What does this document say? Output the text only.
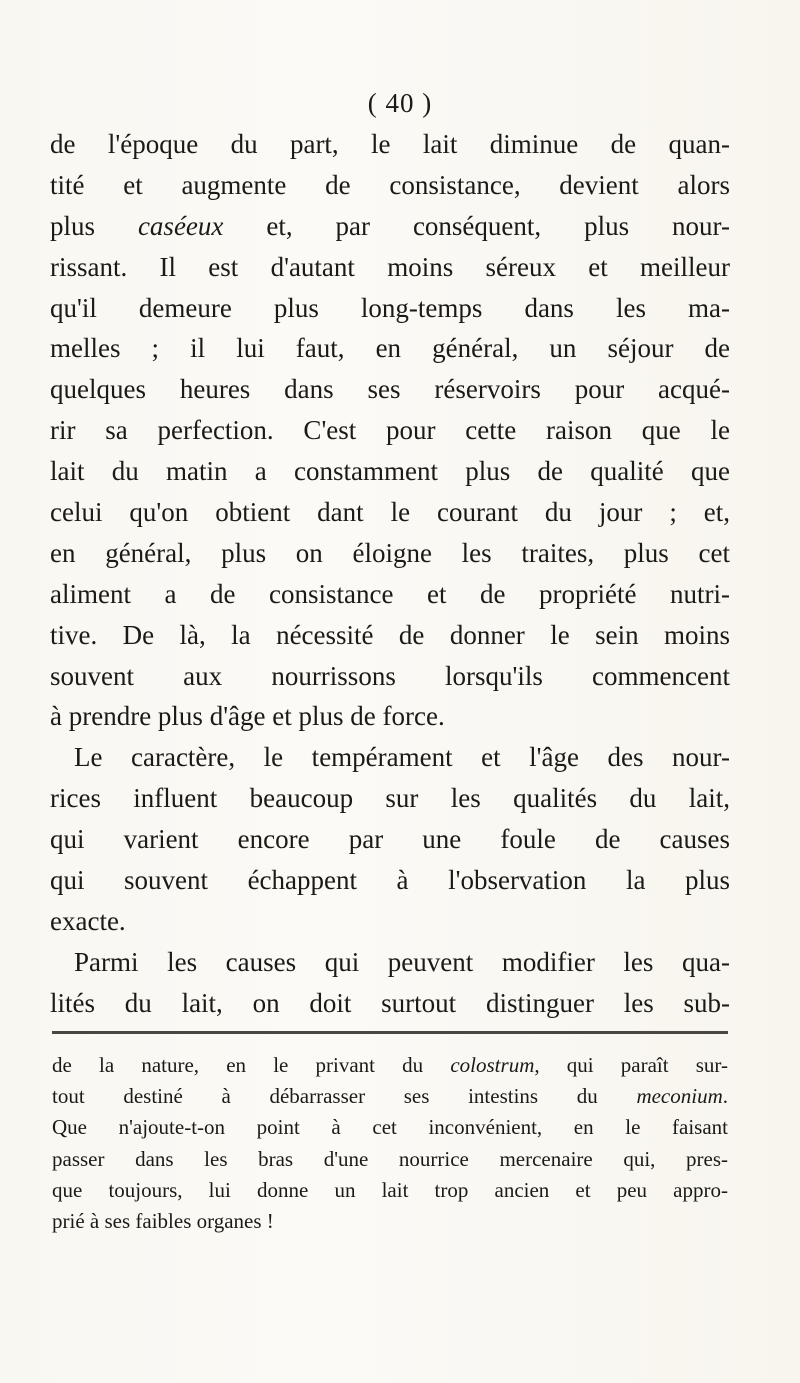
( 40 )
de l'époque du part, le lait diminue de quan-
tité et augmente de consistance, devient alors
plus caséeux et, par conséquent, plus nour-
rissant. Il est d'autant moins séreux et meilleur
qu'il demeure plus long-temps dans les ma-
melles ; il lui faut, en général, un séjour de
quelques heures dans ses réservoirs pour acqué-
rir sa perfection. C'est pour cette raison que le
lait du matin a constamment plus de qualité que
celui qu'on obtient dant le courant du jour ; et,
en général, plus on éloigne les traites, plus cet
aliment a de consistance et de propriété nutri-
tive. De là, la nécessité de donner le sein moins
souvent aux nourrissons lorsqu'ils commencent
à prendre plus d'âge et plus de force.
Le caractère, le tempérament et l'âge des nour-
rices influent beaucoup sur les qualités du lait,
qui varient encore par une foule de causes
qui souvent échappent à l'observation la plus
exacte.
Parmi les causes qui peuvent modifier les qua-
lités du lait, on doit surtout distinguer les sub-
de la nature, en le privant du colostrum, qui paraît sur-
tout destiné à débarrasser ses intestins du meconium.
Que n'ajoute-t-on point à cet inconvénient, en le faisant
passer dans les bras d'une nourrice mercenaire qui, pres-
que toujours, lui donne un lait trop ancien et peu appro-
prié à ses faibles organes !
